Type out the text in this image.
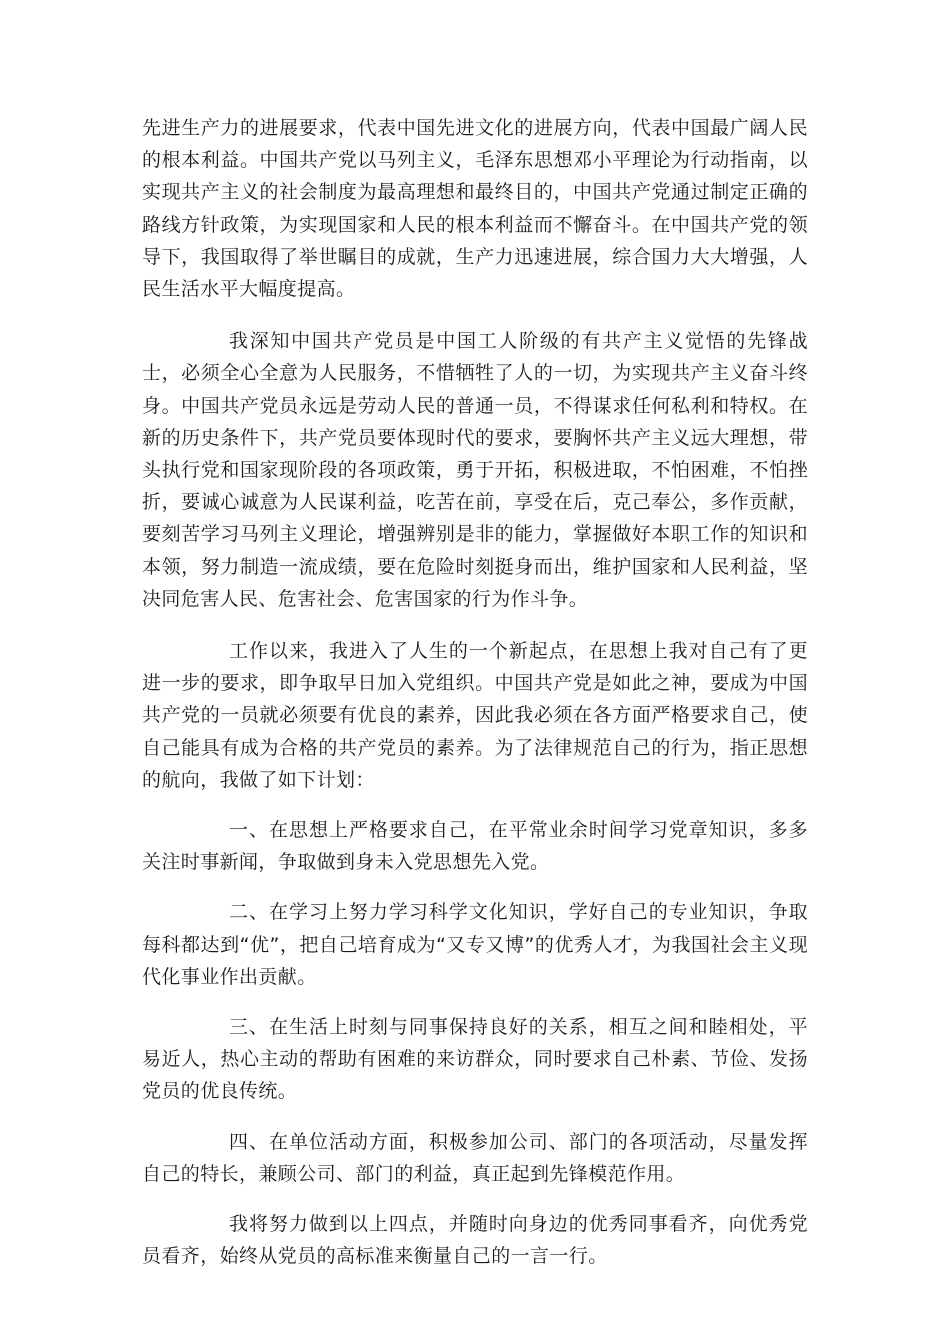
先进生产力的进展要求，代表中国先进文化的进展方向，代表中国最广阔人民的根本利益。中国共产党以马列主义，毛泽东思想邓小平理论为行动指南，以实现共产主义的社会制度为最高理想和最终目的，中国共产党通过制定正确的路线方针政策，为实现国家和人民的根本利益而不懈奋斗。在中国共产党的领导下，我国取得了举世瞩目的成就，生产力迅速进展，综合国力大大增强，人民生活水平大幅度提高。

我深知中国共产党员是中国工人阶级的有共产主义觉悟的先锋战士，必须全心全意为人民服务，不惜牺牲了人的一切，为实现共产主义奋斗终身。中国共产党员永远是劳动人民的普通一员，不得谋求任何私利和特权。在新的历史条件下，共产党员要体现时代的要求，要胸怀共产主义远大理想，带头执行党和国家现阶段的各项政策，勇于开拓，积极进取，不怕困难，不怕挫折，要诚心诚意为人民谋利益，吃苦在前，享受在后，克己奉公，多作贡献，要刻苦学习马列主义理论，增强辨别是非的能力，掌握做好本职工作的知识和本领，努力制造一流成绩，要在危险时刻挺身而出，维护国家和人民利益，坚决同危害人民、危害社会、危害国家的行为作斗争。

工作以来，我进入了人生的一个新起点，在思想上我对自己有了更进一步的要求，即争取早日加入党组织。中国共产党是如此之神，要成为中国共产党的一员就必须要有优良的素养，因此我必须在各方面严格要求自己，使自己能具有成为合格的共产党员的素养。为了法律规范自己的行为，指正思想的航向，我做了如下计划：

一、在思想上严格要求自己，在平常业余时间学习党章知识，多多关注时事新闻，争取做到身未入党思想先入党。

二、在学习上努力学习科学文化知识，学好自己的专业知识，争取每科都达到“优”，把自己培育成为“又专又博”的优秀人才，为我国社会主义现代化事业作出贡献。

三、在生活上时刻与同事保持良好的关系，相互之间和睦相处，平易近人，热心主动的帮助有困难的来访群众，同时要求自己朴素、节俭、发扬党员的优良传统。

四、在单位活动方面，积极参加公司、部门的各项活动，尽量发挥自己的特长，兼顾公司、部门的利益，真正起到先锋模范作用。

我将努力做到以上四点，并随时向身边的优秀同事看齐，向优秀党员看齐，始终从党员的高标准来衡量自己的一言一行。
